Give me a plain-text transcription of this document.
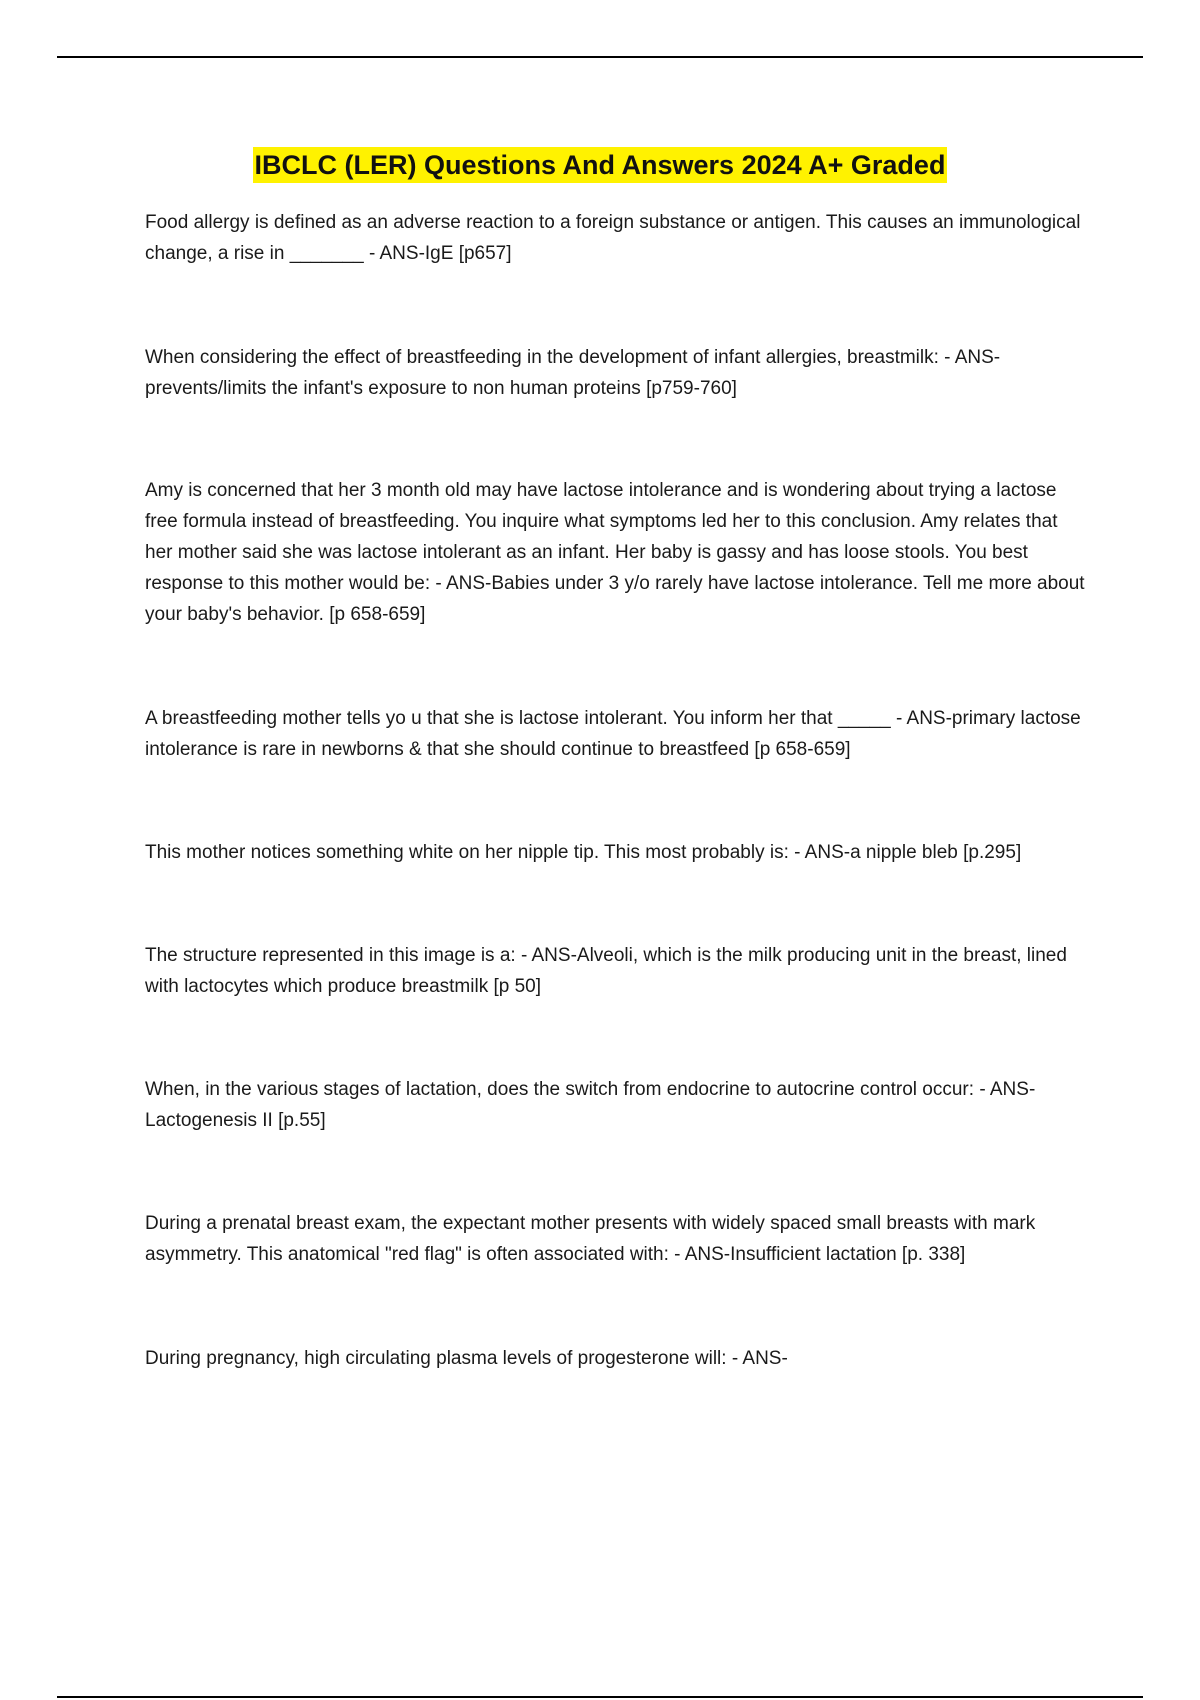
IBCLC (LER) Questions And Answers 2024 A+ Graded

Food allergy is defined as an adverse reaction to a foreign substance or antigen. This causes an immunological change, a rise in _______ - ANS-IgE [p657]

When considering the effect of breastfeeding in the development of infant allergies, breastmilk: - ANS-prevents/limits the infant's exposure to non human proteins [p759-760]

Amy is concerned that her 3 month old may have lactose intolerance and is wondering about trying a lactose free formula instead of breastfeeding. You inquire what symptoms led her to this conclusion. Amy relates that her mother said she was lactose intolerant as an infant. Her baby is gassy and has loose stools. You best response to this mother would be: - ANS-Babies under 3 y/o rarely have lactose intolerance. Tell me more about your baby's behavior. [p 658-659]

A breastfeeding mother tells yo u that she is lactose intolerant. You inform her that _____ - ANS-primary lactose intolerance is rare in newborns & that she should continue to breastfeed [p 658-659]

This mother notices something white on her nipple tip. This most probably is: - ANS-a nipple bleb [p.295]

The structure represented in this image is a: - ANS-Alveoli, which is the milk producing unit in the breast, lined with lactocytes which produce breastmilk [p 50]

When, in the various stages of lactation, does the switch from endocrine to autocrine control occur: - ANS-Lactogenesis II [p.55]

During a prenatal breast exam, the expectant mother presents with widely spaced small breasts with mark asymmetry. This anatomical "red flag" is often associated with: - ANS-Insufficient lactation [p. 338]

During pregnancy, high circulating plasma levels of progesterone will: - ANS-
